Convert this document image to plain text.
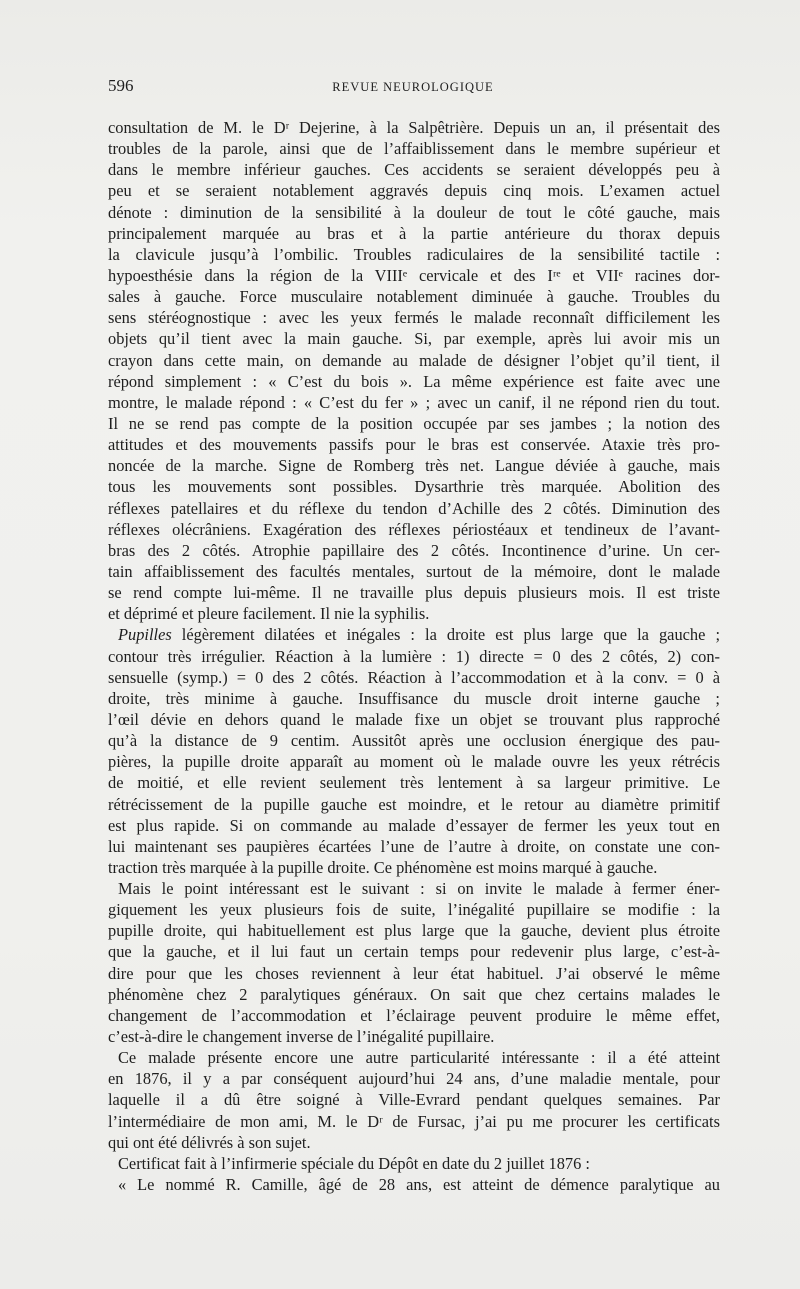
596	REVUE NEUROLOGIQUE
consultation de M. le Dʳ Dejerine, à la Salpêtrière. Depuis un an, il présentait des
troubles de la parole, ainsi que de l’affaiblissement dans le membre supérieur et
dans le membre inférieur gauches. Ces accidents se seraient développés peu à
peu et se seraient notablement aggravés depuis cinq mois. L’examen actuel
dénote : diminution de la sensibilité à la douleur de tout le côté gauche, mais
principalement marquée au bras et à la partie antérieure du thorax depuis
la clavicule jusqu’à l’ombilic. Troubles radiculaires de la sensibilité tactile :
hypoesthésie dans la région de la VIIIᵉ cervicale et des Iʳᵉ et VIIᵉ racines dor-
sales à gauche. Force musculaire notablement diminuée à gauche. Troubles du
sens stéréognostique : avec les yeux fermés le malade reconnaît difficilement les
objets qu’il tient avec la main gauche. Si, par exemple, après lui avoir mis un
crayon dans cette main, on demande au malade de désigner l’objet qu’il tient, il
répond simplement : « C’est du bois ». La même expérience est faite avec une
montre, le malade répond : « C’est du fer » ; avec un canif, il ne répond rien du tout.
Il ne se rend pas compte de la position occupée par ses jambes ; la notion des
attitudes et des mouvements passifs pour le bras est conservée. Ataxie très pro-
noncée de la marche. Signe de Romberg très net. Langue déviée à gauche, mais
tous les mouvements sont possibles. Dysarthrie très marquée. Abolition des
réflexes patellaires et du réflexe du tendon d’Achille des 2 côtés. Diminution des
réflexes olécrâniens. Exagération des réflexes périostéaux et tendineux de l’avant-
bras des 2 côtés. Atrophie papillaire des 2 côtés. Incontinence d’urine. Un cer-
tain affaiblissement des facultés mentales, surtout de la mémoire, dont le malade
se rend compte lui-même. Il ne travaille plus depuis plusieurs mois. Il est triste
et déprimé et pleure facilement. Il nie la syphilis.
Pupilles légèrement dilatées et inégales : la droite est plus large que la gauche ;
contour très irrégulier. Réaction à la lumière : 1) directe = 0 des 2 côtés, 2) con-
sensuelle (symp.) = 0 des 2 côtés. Réaction à l’accommodation et à la conv. = 0 à
droite, très minime à gauche. Insuffisance du muscle droit interne gauche ;
l’œil dévie en dehors quand le malade fixe un objet se trouvant plus rapproché
qu’à la distance de 9 centim. Aussitôt après une occlusion énergique des pau-
pières, la pupille droite apparaît au moment où le malade ouvre les yeux rétrécis
de moitié, et elle revient seulement très lentement à sa largeur primitive. Le
rétrécissement de la pupille gauche est moindre, et le retour au diamètre primitif
est plus rapide. Si on commande au malade d’essayer de fermer les yeux tout en
lui maintenant ses paupières écartées l’une de l’autre à droite, on constate une con-
traction très marquée à la pupille droite. Ce phénomène est moins marqué à gauche.
Mais le point intéressant est le suivant : si on invite le malade à fermer éner-
giquement les yeux plusieurs fois de suite, l’inégalité pupillaire se modifie : la
pupille droite, qui habituellement est plus large que la gauche, devient plus étroite
que la gauche, et il lui faut un certain temps pour redevenir plus large, c’est-à-
dire pour que les choses reviennent à leur état habituel. J’ai observé le même
phénomène chez 2 paralytiques généraux. On sait que chez certains malades le
changement de l’accommodation et l’éclairage peuvent produire le même effet,
c’est-à-dire le changement inverse de l’inégalité pupillaire.
Ce malade présente encore une autre particularité intéressante : il a été atteint
en 1876, il y a par conséquent aujourd’hui 24 ans, d’une maladie mentale, pour
laquelle il a dû être soigné à Ville-Evrard pendant quelques semaines. Par
l’intermédiaire de mon ami, M. le Dʳ de Fursac, j’ai pu me procurer les certificats
qui ont été délivrés à son sujet.
Certificat fait à l’infirmerie spéciale du Dépôt en date du 2 juillet 1876 :
« Le nommé R. Camille, âgé de 28 ans, est atteint de démence paralytique au
